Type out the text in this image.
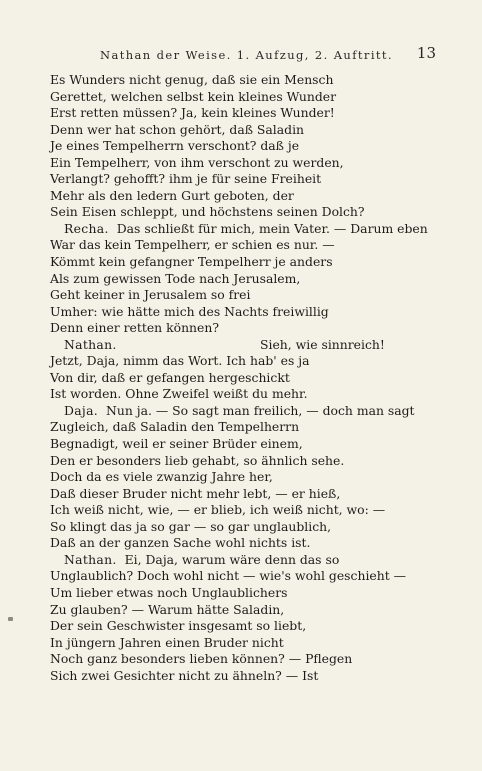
Nathan der Weise. 1. Aufzug, 2. Auftritt. 13
Es Wunders nicht genug, daß sie ein Mensch
Gerettet, welchen selbst kein kleines Wunder
Erst retten müssen? Ja, kein kleines Wunder!
Denn wer hat schon gehört, daß Saladin
Je eines Tempelherrn verschont? daß je
Ein Tempelherr, von ihm verschont zu werden,
Verlangt? gehofft? ihm je für seine Freiheit
Mehr als den ledern Gurt geboten, der
Sein Eisen schleppt, und höchstens seinen Dolch?
Recha. Das schließt für mich, mein Vater. — Darum eben
War das kein Tempelherr, er schien es nur. —
Kömmt kein gefangner Tempelherr je anders
Als zum gewissen Tode nach Jerusalem,
Geht keiner in Jerusalem so frei
Umher: wie hätte mich des Nachts freiwillig
Denn einer retten können?
Nathan.	Sieh, wie sinnreich!
Jetzt, Daja, nimm das Wort. Ich hab' es ja
Von dir, daß er gefangen hergeschickt
Ist worden. Ohne Zweifel weißt du mehr.
Daja. Nun ja. — So sagt man freilich, — doch man sagt
Zugleich, daß Saladin den Tempelherrn
Begnadigt, weil er seiner Brüder einem,
Den er besonders lieb gehabt, so ähnlich sehe.
Doch da es viele zwanzig Jahre her,
Daß dieser Bruder nicht mehr lebt, — er hieß,
Ich weiß nicht, wie, — er blieb, ich weiß nicht, wo: —
So klingt das ja so gar — so gar unglaublich,
Daß an der ganzen Sache wohl nichts ist.
Nathan. Ei, Daja, warum wäre denn das so
Unglaublich? Doch wohl nicht — wie's wohl geschieht —
Um lieber etwas noch Unglaublichers
Zu glauben? — Warum hätte Saladin,
Der sein Geschwister insgesamt so liebt,
In jüngern Jahren einen Bruder nicht
Noch ganz besonders lieben können? — Pflegen
Sich zwei Gesichter nicht zu ähneln? — Ist
